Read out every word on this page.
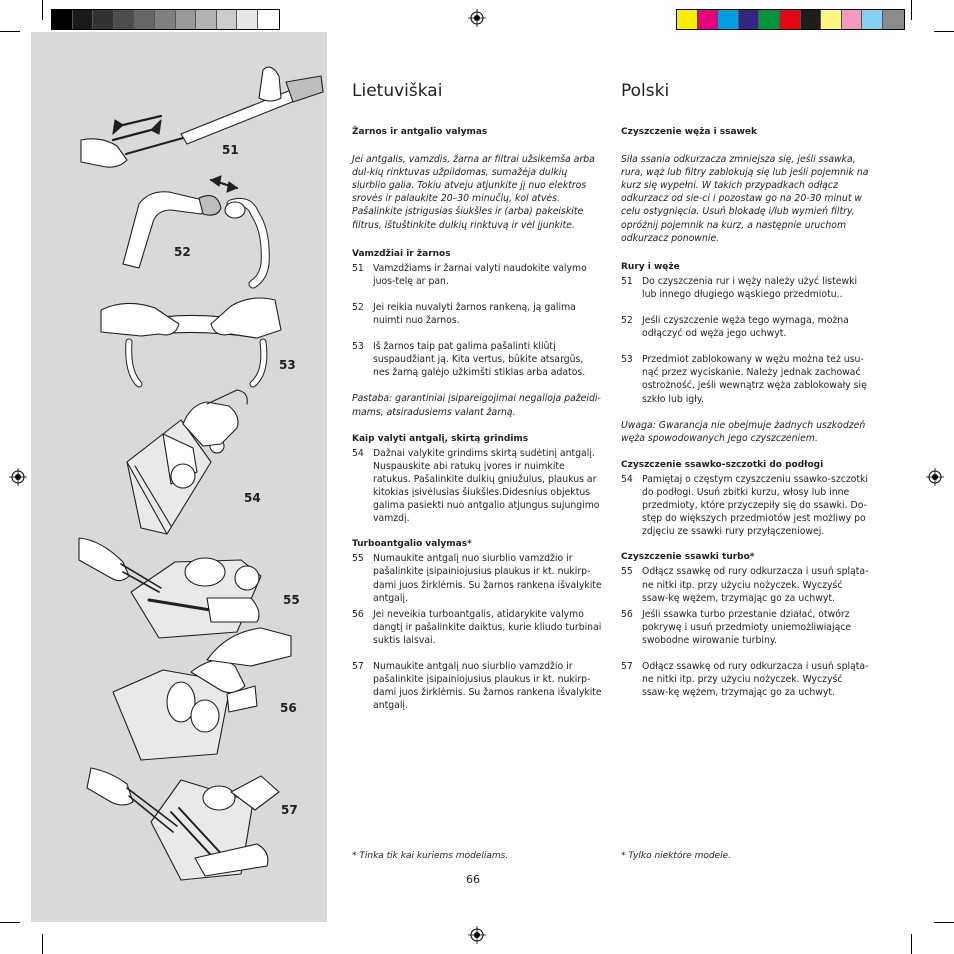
51
52
53
54
55
56
57
Lietuviškai
Žarnos ir antgalio valymas
Jei antgalis, vamzdis, žarna ar filtrai užsikemša arba dul-kių rinktuvas užpildomas, sumažėja dulkių siurblio galia. Tokiu atveju atjunkite jį nuo elektros srovės ir palaukite 20–30 minučių, kol atvės. Pašalinkite įstrigusias šiukšles ir (arba) pakeiskite filtrus, ištuštinkite dulkių rinktuvą ir vėl įjunkite.
Vamzdžiai ir žarnos
51 Vamzdžiams ir žarnai valyti naudokite valymo juos-telę ar pan.
52 Jei reikia nuvalyti žarnos rankeną, ją galima nuimti nuo žarnos.
53 Iš žarnos taip pat galima pašalinti kliūtį suspaudžiant ją. Kita vertus, būkite atsargūs, nes žarną galėjo užkimšti stiklas arba adatos.
Pastaba: garantiniai įsipareigojimai negalioja pažeidi-mams, atsiradusiems valant žarną.
Kaip valyti antgalį, skirtą grindims
54 Dažnai valykite grindims skirtą sudėtinį antgalį. Nuspauskite abi ratukų įvores ir nuimkite ratukus. Pašalinkite dulkių gniužulus, plaukus ar kitokias įsivėlusias šiukšles.Didesnius objektus galima pasiekti nuo antgalio atjungus sujungimo vamzdį.
Turboantgalio valymas*
55 Numaukite antgalį nuo siurblio vamzdžio ir pašalinkite įsipainiojusius plaukus ir kt. nukirp-dami juos žirklėmis. Su žarnos rankena išvalykite antgalį.
56 Jei neveikia turboantgalis, atidarykite valymo dangtį ir pašalinkite daiktus, kurie kliudo turbinai suktis laisvai.
57 Numaukite antgalį nuo siurblio vamzdžio ir pašalinkite įsipainiojusius plaukus ir kt. nukirp-dami juos žirklėmis. Su žarnos rankena išvalykite antgalį.
* Tinka tik kai kuriems modeliams.
Polski
Czyszczenie węża i ssawek
Siła ssania odkurzacza zmniejsza się, jeśli ssawka, rura, wąż lub filtry zablokują się lub jeśli pojemnik na kurz się wypełni. W takich przypadkach odłącz odkurzacz od sie-ci i pozostaw go na 20-30 minut w celu ostygnięcia. Usuń blokadę i/lub wymień filtry, opróżnij pojemnik na kurz, a następnie uruchom odkurzacz ponownie.
Rury i węże
51 Do czyszczenia rur i węży należy użyć listewki lub innego długiego wąskiego przedmiotu..
52 Jeśli czyszczenie węża tego wymaga, można odłączyć od węża jego uchwyt.
53 Przedmiot zablokowany w wężu można też usu-nąć przez wyciskanie. Należy jednak zachować ostrożność, jeśli wewnątrz węża zablokowały się szkło lub igły.
Uwaga: Gwarancja nie obejmuje żadnych uszkodzeń węża spowodowanych jego czyszczeniem.
Czyszczenie ssawko-szczotki do podłogi
54 Pamiętaj o częstym czyszczeniu ssawko-szczotki do podłogi. Usuń zbitki kurzu, włosy lub inne przedmioty, które przyczepiły się do ssawki. Do-stęp do większych przedmiotów jest możliwy po zdjęciu ze ssawki rury przyłączeniowej.
Czyszczenie ssawki turbo*
55 Odłącz ssawkę od rury odkurzacza i usuń spląta-ne nitki itp. przy użyciu nożyczek. Wyczyść ssaw-kę wężem, trzymając go za uchwyt.
56 Jeśli ssawka turbo przestanie działać, otwórz pokrywę i usuń przedmioty uniemożliwiające swobodne wirowanie turbiny.
57 Odłącz ssawkę od rury odkurzacza i usuń spląta-ne nitki itp. przy użyciu nożyczek. Wyczyść ssaw-kę wężem, trzymając go za uchwyt.
* Tylko niektóre modele.
66
